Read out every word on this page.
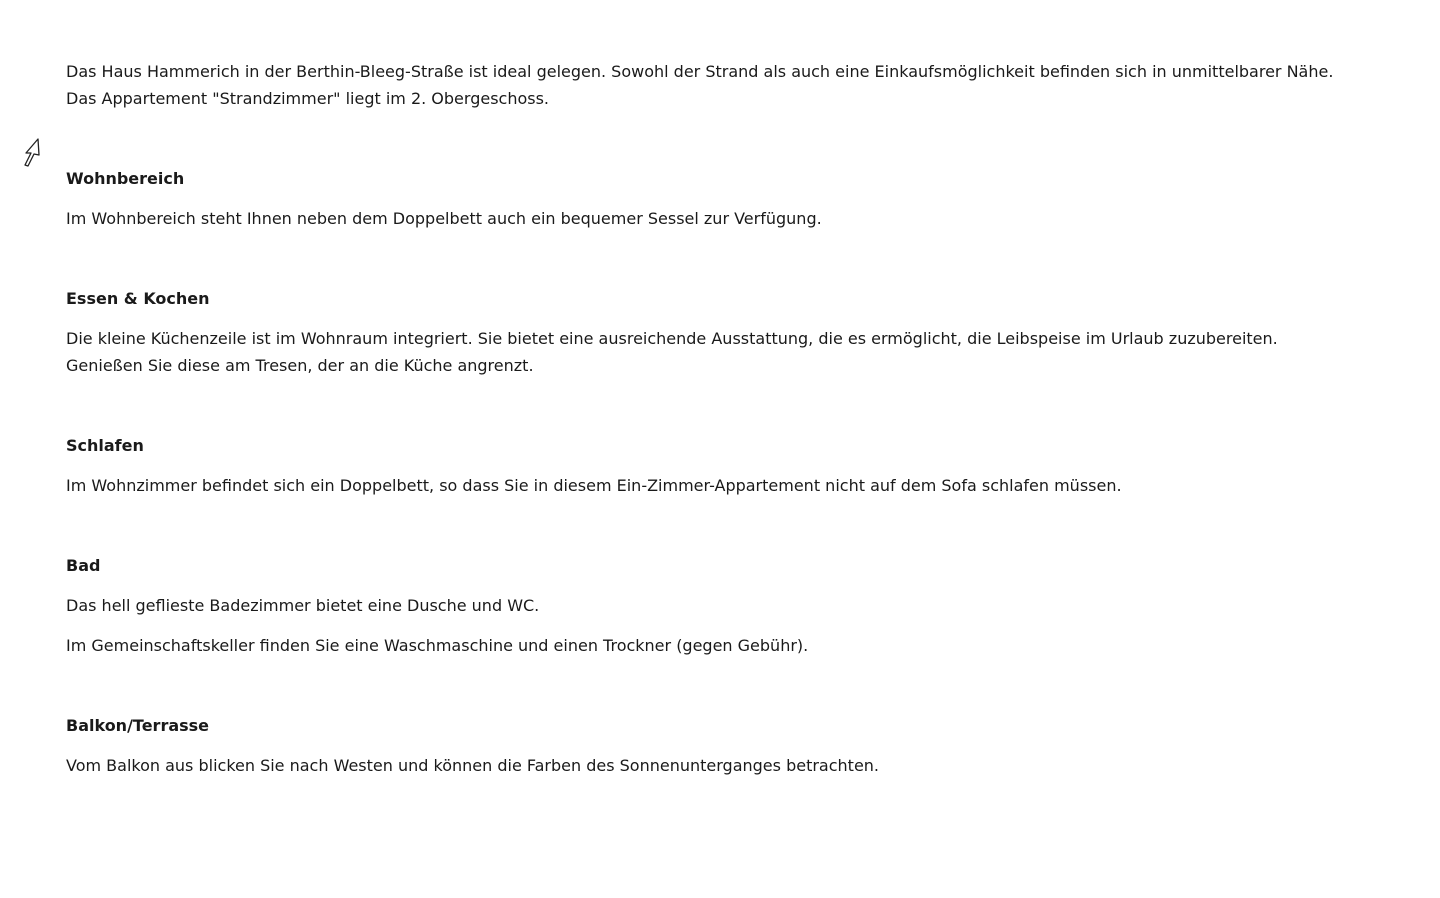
Das Haus Hammerich in der Berthin-Bleeg-Straße ist ideal gelegen. Sowohl der Strand als auch eine Einkaufsmöglichkeit befinden sich in unmittelbarer Nähe.
Das Appartement "Strandzimmer" liegt im 2. Obergeschoss.

Wohnbereich

Im Wohnbereich steht Ihnen neben dem Doppelbett auch ein bequemer Sessel zur Verfügung.

Essen & Kochen

Die kleine Küchenzeile ist im Wohnraum integriert. Sie bietet eine ausreichende Ausstattung, die es ermöglicht, die Leibspeise im Urlaub zuzubereiten.
Genießen Sie diese am Tresen, der an die Küche angrenzt.

Schlafen

Im Wohnzimmer befindet sich ein Doppelbett, so dass Sie in diesem Ein-Zimmer-Appartement nicht auf dem Sofa schlafen müssen.

Bad

Das hell geflieste Badezimmer bietet eine Dusche und WC.

Im Gemeinschaftskeller finden Sie eine Waschmaschine und einen Trockner (gegen Gebühr).

Balkon/Terrasse

Vom Balkon aus blicken Sie nach Westen und können die Farben des Sonnenunterganges betrachten.
